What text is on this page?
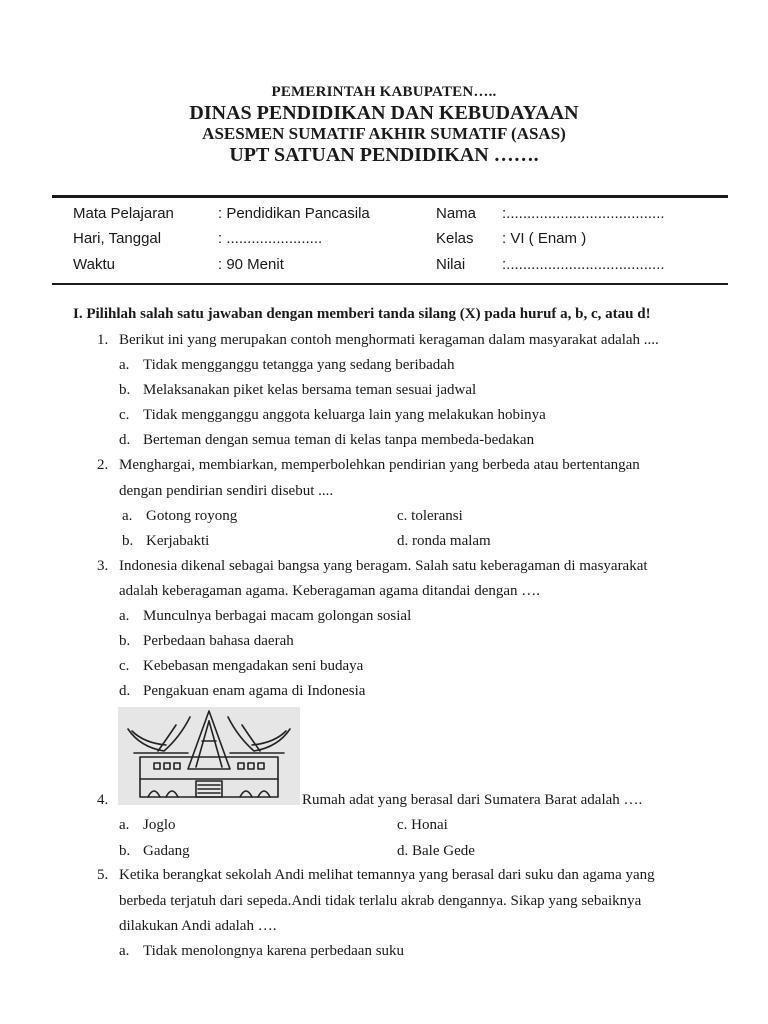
PEMERINTAH KABUPATEN…..
DINAS PENDIDIKAN DAN KEBUDAYAAN
ASESMEN SUMATIF AKHIR SUMATIF (ASAS)
UPT SATUAN PENDIDIKAN …….
Mata Pelajaran	: Pendidikan Pancasila	Nama :......................................
Hari, Tanggal	: .......................	Kelas : VI ( Enam )
Waktu	: 90 Menit	Nilai :......................................
I. Pilihlah salah satu jawaban dengan memberi tanda silang (X) pada huruf a, b, c, atau d!
1. Berikut ini yang merupakan contoh menghormati keragaman dalam masyarakat adalah ....
a. Tidak mengganggu tetangga yang sedang beribadah
b. Melaksanakan piket kelas bersama teman sesuai jadwal
c. Tidak mengganggu anggota keluarga lain yang melakukan hobinya
d. Berteman dengan semua teman di kelas tanpa membeda-bedakan
2. Menghargai, membiarkan, memperbolehkan pendirian yang berbeda atau bertentangan
dengan pendirian sendiri disebut ....
a. Gotong royong	c. toleransi
b. Kerjabakti	d. ronda malam
3. Indonesia dikenal sebagai bangsa yang beragam. Salah satu keberagaman di masyarakat
adalah keberagaman agama. Keberagaman agama ditandai dengan ….
a. Munculnya berbagai macam golongan sosial
b. Perbedaan bahasa daerah
c. Kebebasan mengadakan seni budaya
d. Pengakuan enam agama di Indonesia
4.	Rumah adat yang berasal dari Sumatera Barat adalah ….
a. Joglo	c. Honai
b. Gadang	d. Bale Gede
5. Ketika berangkat sekolah Andi melihat temannya yang berasal dari suku dan agama yang
berbeda terjatuh dari sepeda.Andi tidak terlalu akrab dengannya. Sikap yang sebaiknya
dilakukan Andi adalah ….
a. Tidak menolongnya karena perbedaan suku
